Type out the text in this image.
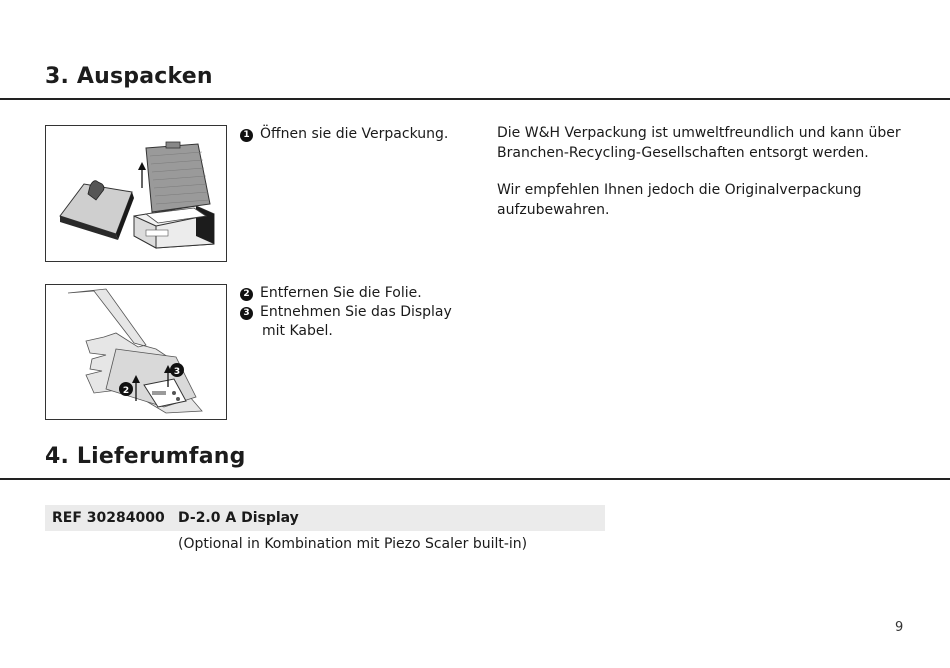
3. Auspacken
1 Öffnen sie die Verpackung.	Die W&H Verpackung ist umweltfreundlich und kann über
Branchen-Recycling-Gesellschaften entsorgt werden.
Wir empfehlen Ihnen jedoch die Originalverpackung
aufzubewahren.
2
3
2 Entfernen Sie die Folie.
3 Entnehmen Sie das Display
mit Kabel.
4. Lieferumfang
REF 30284000 D-2.0 A Display
(Optional in Kombination mit Piezo Scaler built-in)
9
